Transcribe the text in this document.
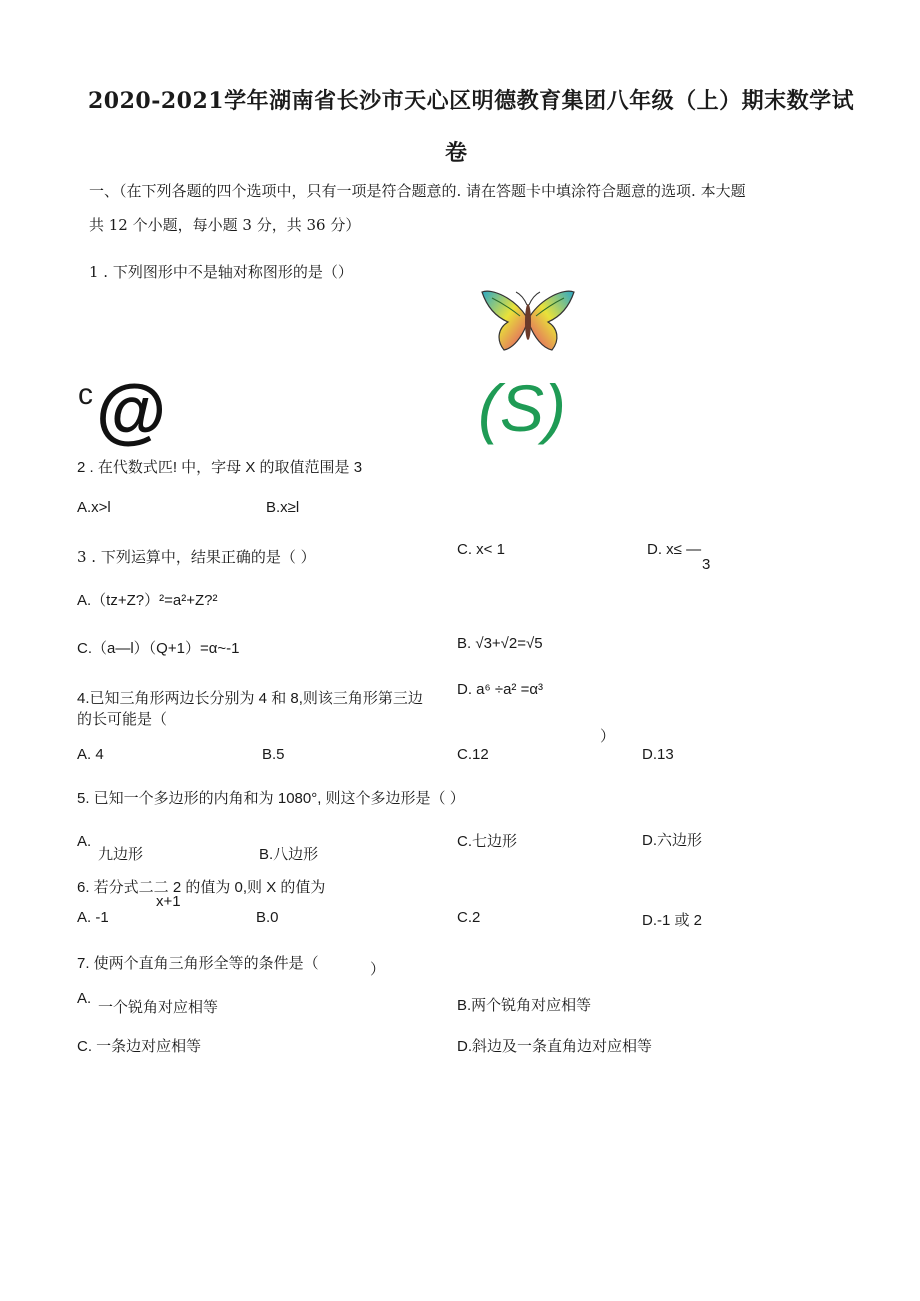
2020-2021学年湖南省长沙市天心区明德教育集团八年级（上）期末数学试
卷
一、（在下列各题的四个选项中，只有一项是符合题意的. 请在答题卡中填涂符合题意的选项. 本大题
共 12 个小题，每小题 3 分，共 36 分）
1 . 下列图形中不是轴对称图形的是（）
c @	(S)
2 . 在代数式匹! 中，字母 X 的取值范围是 3
A.x>l	B.x≥l
C. x< 1	D. x≤ —
3
3 . 下列运算中，结果正确的是（ ）
A.（tz+Z?）²=a²+Z?²
C.（a—l）（Q+1）=α~-1	B. √3+√2=√5
D. a⁶ ÷a² =α³
4.已知三角形两边长分别为 4 和 8,则该三角形第三边
的长可能是（
）
A. 4	B.5	C.12	D.13
5. 已知一个多边形的内角和为 1080°, 则这个多边形是（ ）
A.
九边形	B.八边形
C.七边形	D.六边形
6. 若分式二二 2 的值为 0,则 X 的值为
x+1
A. -1	B.0	C.2	D.-1 或 2
7. 使两个直角三角形全等的条件是（	）
A. 一个锐角对应相等	B.两个锐角对应相等
C. 一条边对应相等	D.斜边及一条直角边对应相等
